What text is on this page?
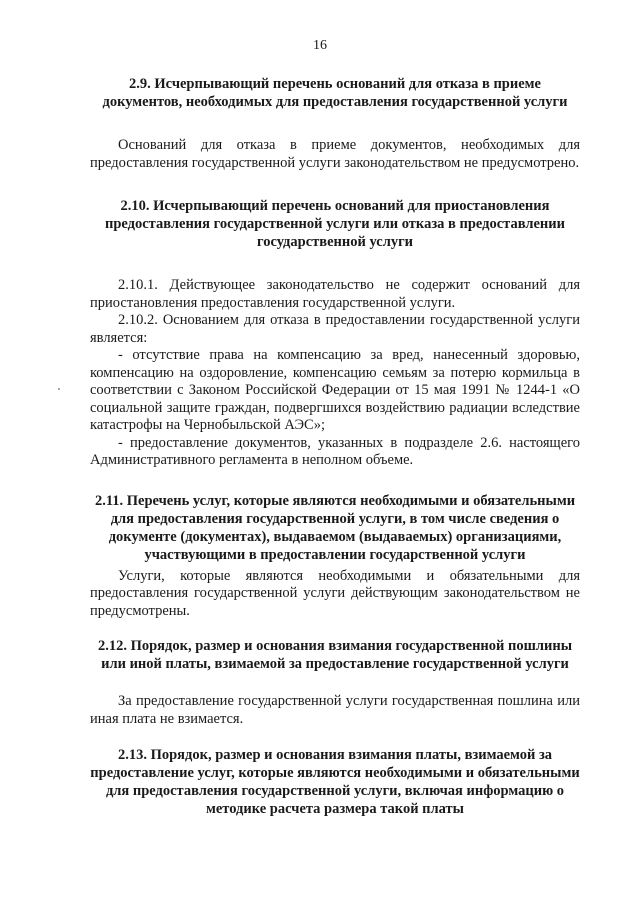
16
2.9. Исчерпывающий перечень оснований для отказа в приеме документов, необходимых для предоставления государственной услуги

Оснований для отказа в приеме документов, необходимых для предоставления государственной услуги законодательством не предусмотрено.

2.10. Исчерпывающий перечень оснований для приостановления предоставления государственной услуги или отказа в предоставлении государственной услуги

2.10.1. Действующее законодательство не содержит оснований для приостановления предоставления государственной услуги.

2.10.2. Основанием для отказа в предоставлении государственной услуги является:

- отсутствие права на компенсацию за вред, нанесенный здоровью, компенсацию на оздоровление, компенсацию семьям за потерю кормильца в соответствии с Законом Российской Федерации от 15 мая 1991 № 1244-1 «О социальной защите граждан, подвергшихся воздействию радиации вследствие катастрофы на Чернобыльской АЭС»;

- предоставление документов, указанных в подразделе 2.6. настоящего Административного регламента в неполном объеме.

2.11. Перечень услуг, которые являются необходимыми и обязательными для предоставления государственной услуги, в том числе сведения о документе (документах), выдаваемом (выдаваемых) организациями, участвующими в предоставлении государственной услуги

Услуги, которые являются необходимыми и обязательными для предоставления государственной услуги действующим законодательством не предусмотрены.

2.12. Порядок, размер и основания взимания государственной пошлины или иной платы, взимаемой за предоставление государственной услуги

За предоставление государственной услуги государственная пошлина или иная плата не взимается.

2.13. Порядок, размер и основания взимания платы, взимаемой за предоставление услуг, которые являются необходимыми и обязательными для предоставления государственной услуги, включая информацию о методике расчета размера такой платы
